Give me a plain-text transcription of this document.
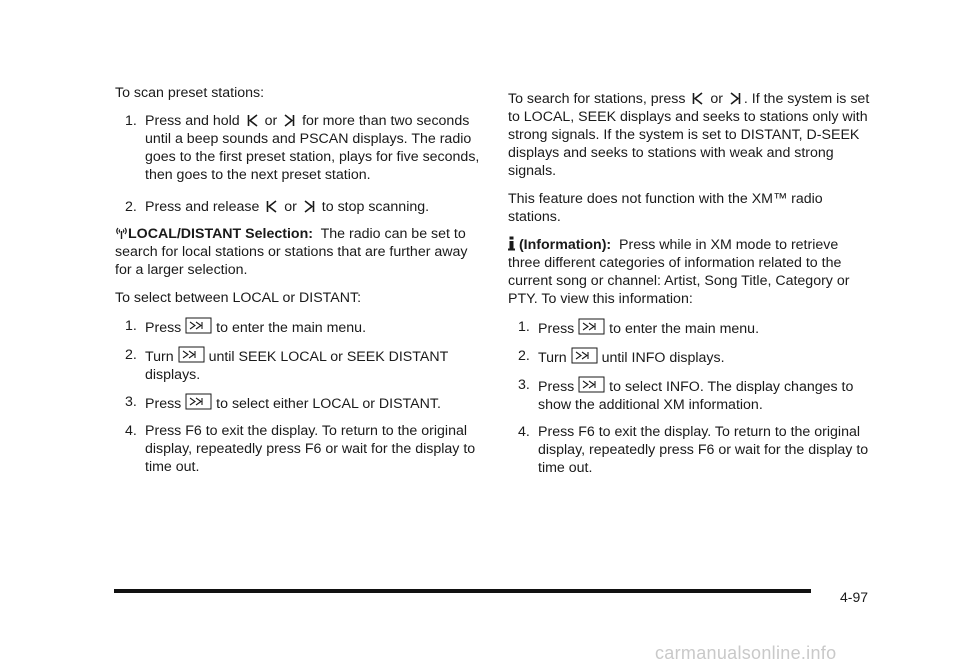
To scan preset stations:

1. Press and hold or for more than two seconds until a beep sounds and PSCAN displays. The radio goes to the first preset station, plays for five seconds, then goes to the next preset station.
2. Press and release or to stop scanning.

LOCAL/DISTANT Selection: The radio can be set to search for local stations or stations that are further away for a larger selection.

To select between LOCAL or DISTANT:

1. Press to enter the main menu.
2. Turn until SEEK LOCAL or SEEK DISTANT displays.
3. Press to select either LOCAL or DISTANT.
4. Press F6 to exit the display. To return to the original display, repeatedly press F6 or wait for the display to time out.

To search for stations, press or . If the system is set to LOCAL, SEEK displays and seeks to stations only with strong signals. If the system is set to DISTANT, D-SEEK displays and seeks to stations with weak and strong signals.

This feature does not function with the XM™ radio stations.

(Information): Press while in XM mode to retrieve three different categories of information related to the current song or channel: Artist, Song Title, Category or PTY. To view this information:

1. Press to enter the main menu.
2. Turn until INFO displays.
3. Press to select INFO. The display changes to show the additional XM information.
4. Press F6 to exit the display. To return to the original display, repeatedly press F6 or wait for the display to time out.
4-97
carmanualsonline.info
